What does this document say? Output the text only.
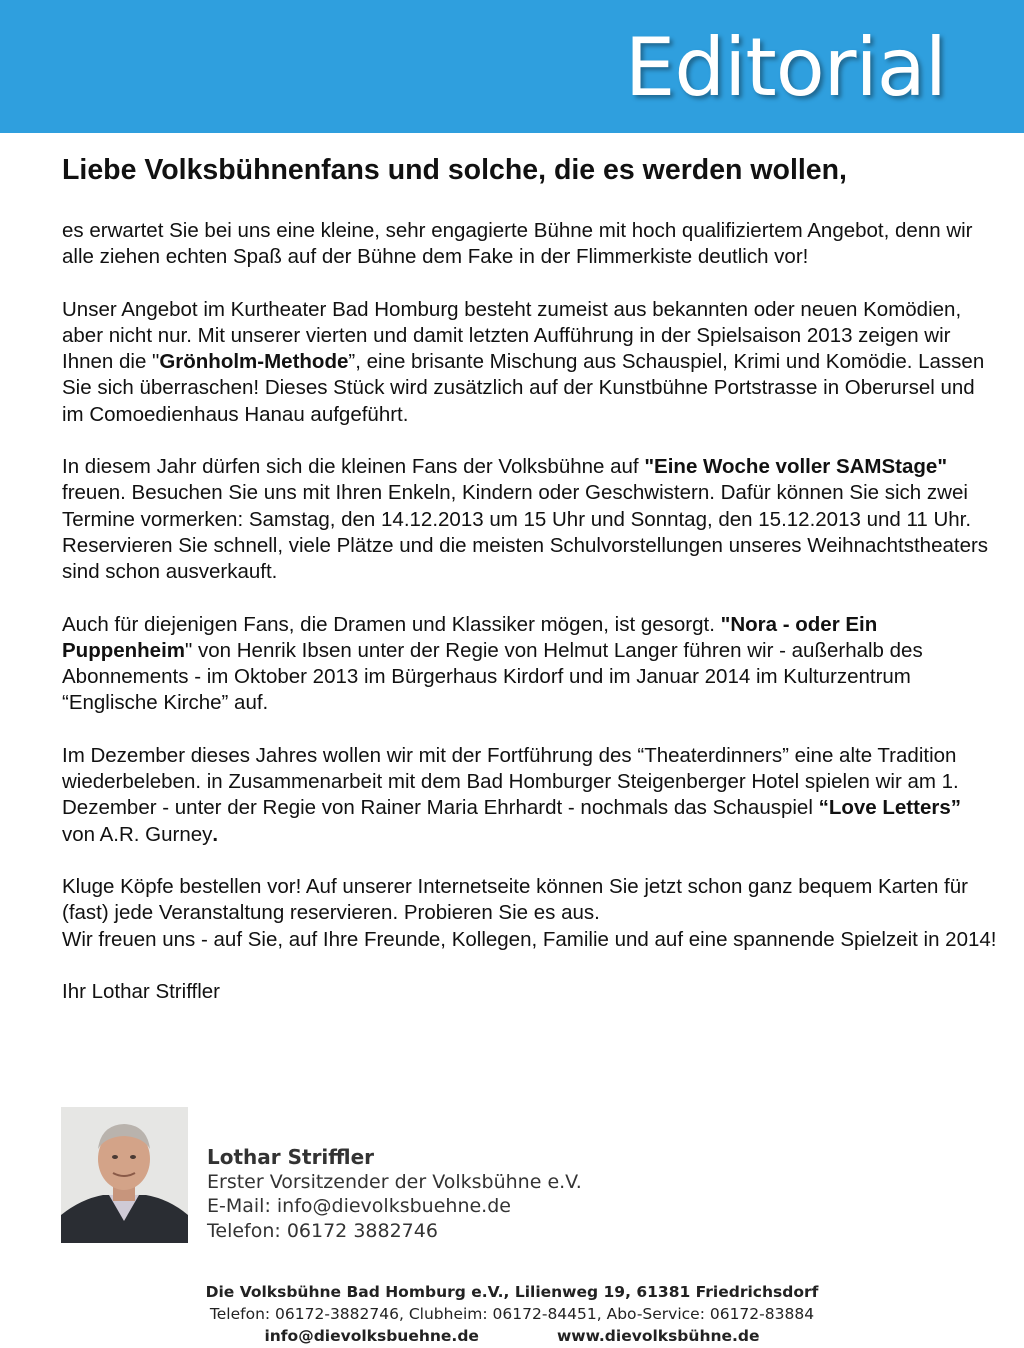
Editorial
Liebe Volksbühnenfans und solche, die es werden wollen,

es erwartet Sie bei uns eine kleine, sehr engagierte Bühne mit hoch qualifiziertem Angebot, denn wir alle ziehen echten Spaß auf der Bühne dem Fake in der Flimmerkiste deutlich vor!

Unser Angebot im Kurtheater Bad Homburg besteht zumeist aus bekannten oder neuen Komödien, aber nicht nur. Mit unserer vierten und damit letzten Aufführung in der Spielsaison 2013 zeigen wir Ihnen die "Grönholm-Methode”, eine brisante Mischung aus Schauspiel, Krimi und Komödie. Lassen Sie sich überraschen! Dieses Stück wird zusätzlich auf der Kunstbühne Portstrasse in Oberursel und im Comoedienhaus Hanau aufgeführt.

In diesem Jahr dürfen sich die kleinen Fans der Volksbühne auf "Eine Woche voller SAMStage" freuen. Besuchen Sie uns mit Ihren Enkeln, Kindern oder Geschwistern. Dafür können Sie sich zwei Termine vormerken: Samstag, den 14.12.2013 um 15 Uhr und Sonntag, den 15.12.2013 und 11 Uhr. Reservieren Sie schnell, viele Plätze und die meisten Schulvorstellungen unseres Weihnachtstheaters sind schon ausverkauft.

Auch für diejenigen Fans, die Dramen und Klassiker mögen, ist gesorgt. "Nora - oder Ein Puppenheim" von Henrik Ibsen unter der Regie von Helmut Langer führen wir - außerhalb des Abonnements - im Oktober 2013 im Bürgerhaus Kirdorf und im Januar 2014 im Kulturzentrum “Englische Kirche” auf.

Im Dezember dieses Jahres wollen wir mit der Fortführung des “Theaterdinners” eine alte Tradition wiederbeleben. in Zusammenarbeit mit dem Bad Homburger Steigenberger Hotel spielen wir am 1. Dezember - unter der Regie von Rainer Maria Ehrhardt - nochmals das Schauspiel “Love Letters” von A.R. Gurney.

Kluge Köpfe bestellen vor! Auf unserer Internetseite können Sie jetzt schon ganz bequem Karten für (fast) jede Veranstaltung reservieren. Probieren Sie es aus.
Wir freuen uns - auf Sie, auf Ihre Freunde, Kollegen, Familie und auf eine spannende Spielzeit in 2014!

Ihr Lothar Striffler

Lothar Striffler
Erster Vorsitzender der Volksbühne e.V.
E-Mail: info@dievolksbuehne.de
Telefon: 06172 3882746
Die Volksbühne Bad Homburg e.V., Lilienweg 19, 61381 Friedrichsdorf
Telefon: 06172-3882746, Clubheim: 06172-84451, Abo-Service: 06172-83884
info@dievolksbuehne.de	www.dievolksbühne.de
